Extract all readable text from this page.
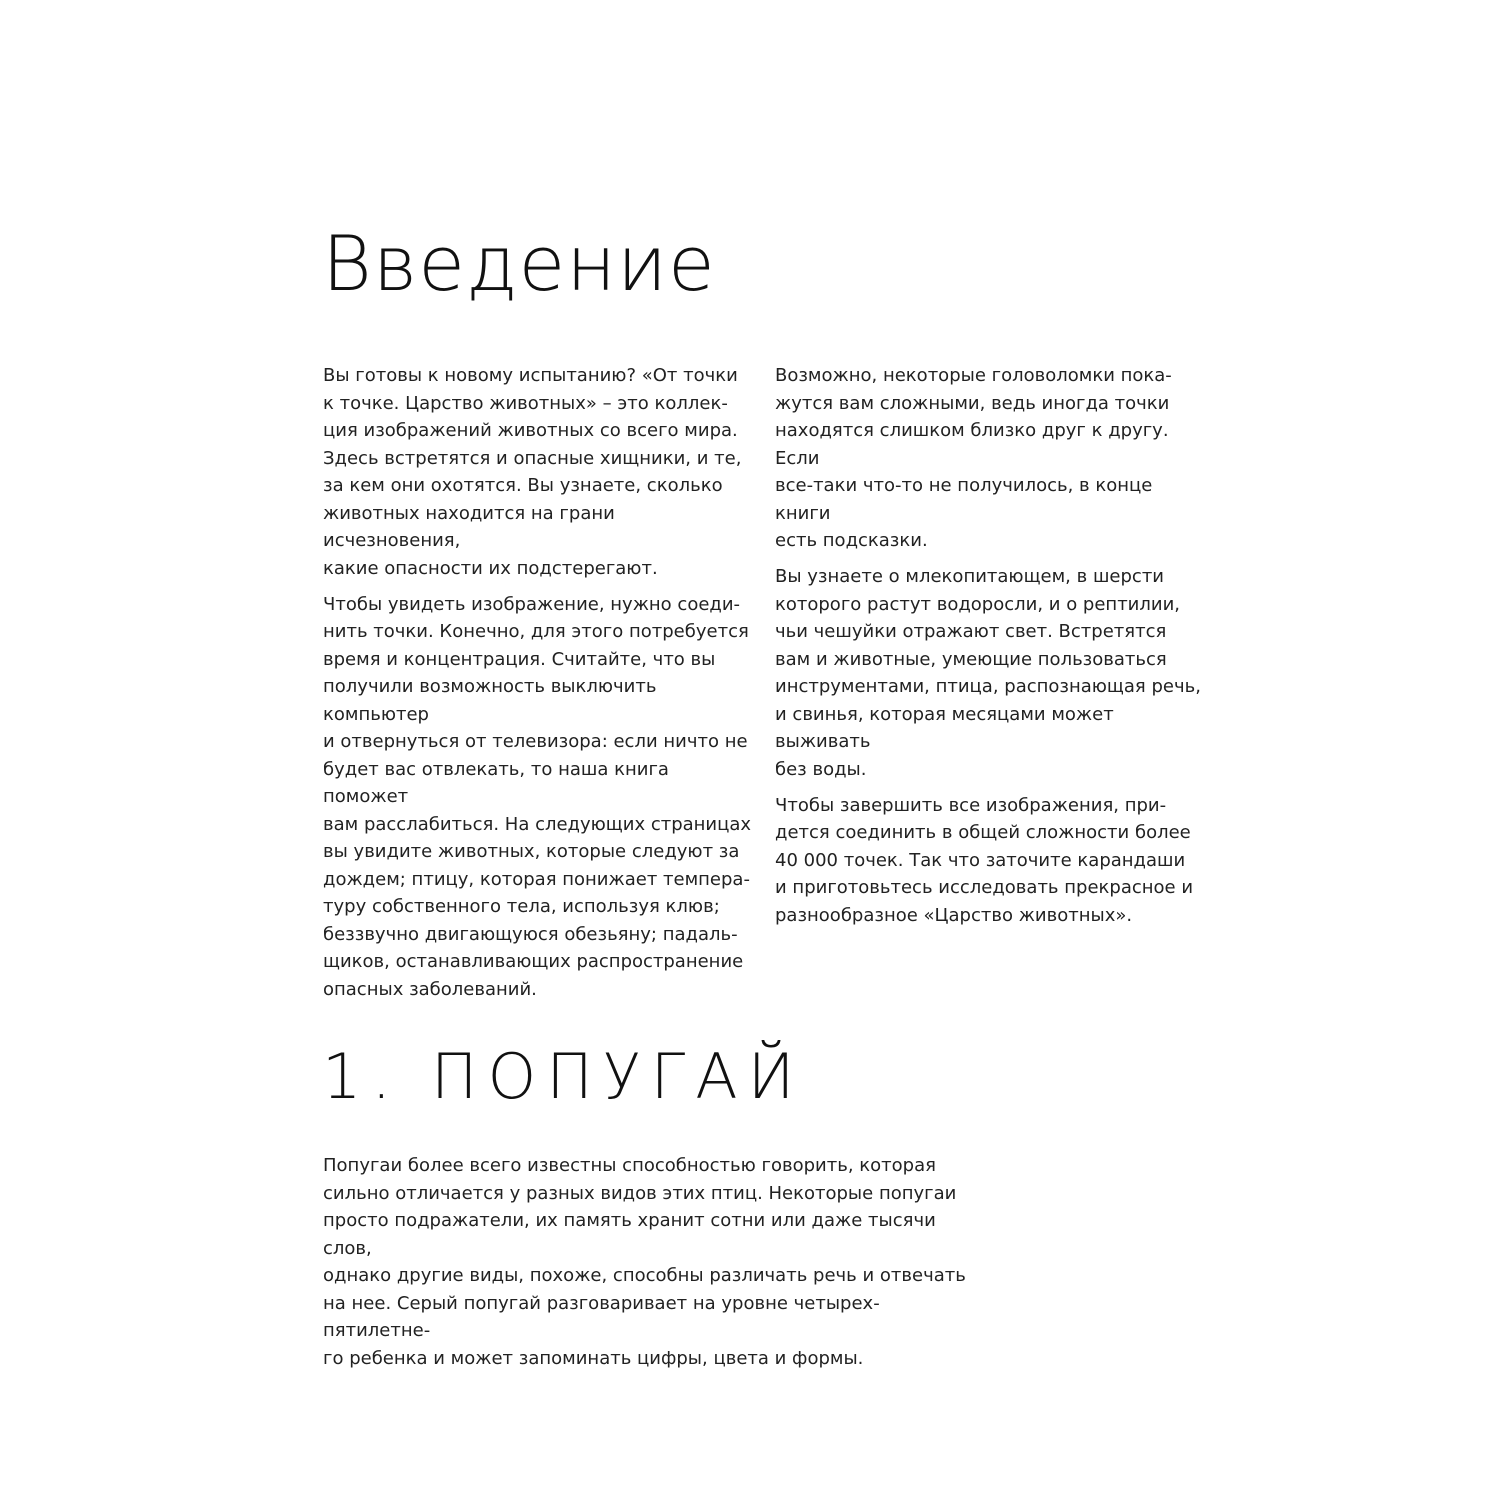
Введение

Вы готовы к новому испытанию? «От точки
к точке. Царство животных» – это коллек-
ция изображений животных со всего мира.
Здесь встретятся и опасные хищники, и те,
за кем они охотятся. Вы узнаете, сколько
животных находится на грани исчезновения,
какие опасности их подстерегают.

Чтобы увидеть изображение, нужно соеди-
нить точки. Конечно, для этого потребуется
время и концентрация. Считайте, что вы
получили возможность выключить компьютер
и отвернуться от телевизора: если ничто не
будет вас отвлекать, то наша книга поможет
вам расслабиться. На следующих страницах
вы увидите животных, которые следуют за
дождем; птицу, которая понижает темпера-
туру собственного тела, используя клюв;
беззвучно двигающуюся обезьяну; падаль-
щиков, останавливающих распространение
опасных заболеваний.

Возможно, некоторые головоломки пока-
жутся вам сложными, ведь иногда точки
находятся слишком близко друг к другу. Если
все-таки что-то не получилось, в конце книги
есть подсказки.

Вы узнаете о млекопитающем, в шерсти
которого растут водоросли, и о рептилии,
чьи чешуйки отражают свет. Встретятся
вам и животные, умеющие пользоваться
инструментами, птица, распознающая речь,
и свинья, которая месяцами может выживать
без воды.

Чтобы завершить все изображения, при-
дется соединить в общей сложности более
40 000 точек. Так что заточите карандаши
и приготовьтесь исследовать прекрасное и
разнообразное «Царство животных».

1. ПОПУГАЙ

Попугаи более всего известны способностью говорить, которая
сильно отличается у разных видов этих птиц. Некоторые попугаи
просто подражатели, их память хранит сотни или даже тысячи слов,
однако другие виды, похоже, способны различать речь и отвечать
на нее. Серый попугай разговаривает на уровне четырех-пятилетне-
го ребенка и может запоминать цифры, цвета и формы.
